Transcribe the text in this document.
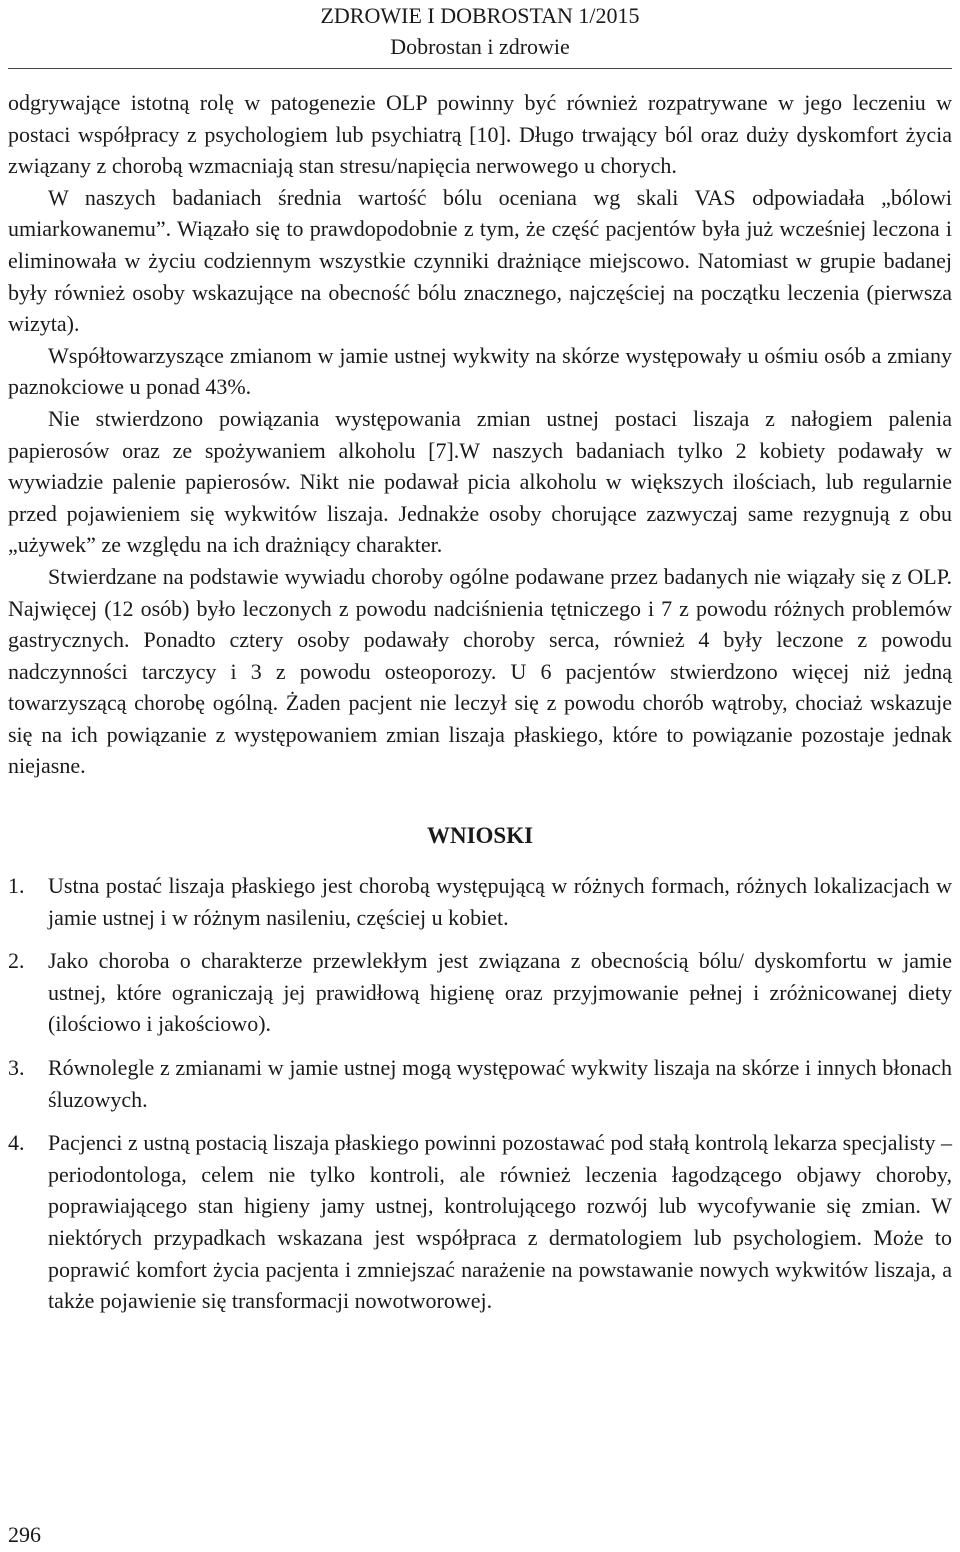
ZDROWIE I DOBROSTAN 1/2015
Dobrostan i zdrowie

odgrywające istotną rolę w patogenezie OLP powinny być również rozpatrywane w jego leczeniu w postaci współpracy z psychologiem lub psychiatrą [10]. Długo trwający ból oraz duży dyskomfort życia związany z chorobą wzmacniają stan stresu/napięcia nerwowego u chorych.

W naszych badaniach średnia wartość bólu oceniana wg skali VAS odpowiadała „bólowi umiarkowanemu”. Wiązało się to prawdopodobnie z tym, że część pacjentów była już wcześniej leczona i eliminowała w życiu codziennym wszystkie czynniki drażniące miejscowo. Natomiast w grupie badanej były również osoby wskazujące na obecność bólu znacznego, najczęściej na początku leczenia (pierwsza wizyta).

Współtowarzyszące zmianom w jamie ustnej wykwity na skórze występowały u ośmiu osób a zmiany paznokciowe u ponad 43%.

Nie stwierdzono powiązania występowania zmian ustnej postaci liszaja z nałogiem palenia papierosów oraz ze spożywaniem alkoholu [7].W naszych badaniach tylko 2 kobiety podawały w wywiadzie palenie papierosów. Nikt nie podawał picia alkoholu w większych ilościach, lub regularnie przed pojawieniem się wykwitów liszaja. Jednakże osoby chorujące zazwyczaj same rezygnują z obu „używek” ze względu na ich drażniący charakter.

Stwierdzane na podstawie wywiadu choroby ogólne podawane przez badanych nie wiązały się z OLP. Najwięcej (12 osób) było leczonych z powodu nadciśnienia tętniczego i 7 z powodu różnych problemów gastrycznych. Ponadto cztery osoby podawały choroby serca, również 4 były leczone z powodu nadczynności tarczycy i 3 z powodu osteoporozy. U 6 pacjentów stwierdzono więcej niż jedną towarzyszącą chorobę ogólną. Żaden pacjent nie leczył się z powodu chorób wątroby, chociaż wskazuje się na ich powiązanie z występowaniem zmian liszaja płaskiego, które to powiązanie pozostaje jednak niejasne.

WNIOSKI
1. Ustna postać liszaja płaskiego jest chorobą występującą w różnych formach, różnych lokalizacjach w jamie ustnej i w różnym nasileniu, częściej u kobiet.
2. Jako choroba o charakterze przewlekłym jest związana z obecnością bólu/ dyskomfortu w jamie ustnej, które ograniczają jej prawidłową higienę oraz przyjmowanie pełnej i zróżnicowanej diety (ilościowo i jakościowo).
3. Równolegle z zmianami w jamie ustnej mogą występować wykwity liszaja na skórze i innych błonach śluzowych.
4. Pacjenci z ustną postacią liszaja płaskiego powinni pozostawać pod stałą kontrolą lekarza specjalisty – periodontologa, celem nie tylko kontroli, ale również leczenia łagodzącego objawy choroby, poprawiającego stan higieny jamy ustnej, kontrolującego rozwój lub wycofywanie się zmian. W niektórych przypadkach wskazana jest współpraca z dermatologiem lub psychologiem. Może to poprawić komfort życia pacjenta i zmniejszać narażenie na powstawanie nowych wykwitów liszaja, a także pojawienie się transformacji nowotworowej.
296
